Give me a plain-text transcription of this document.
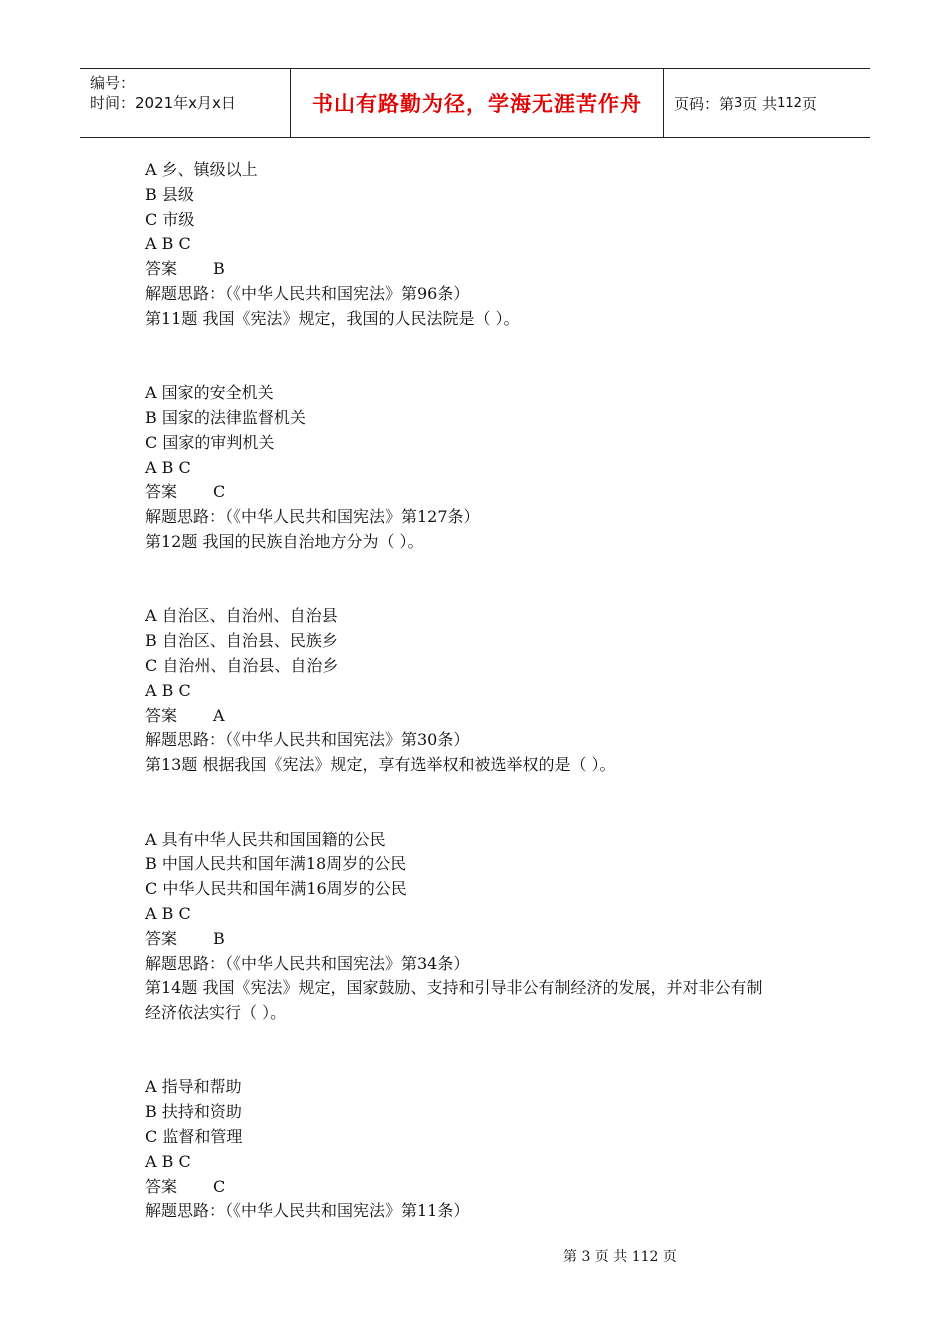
编号：
时间：2021年x月x日	书山有路勤为径，学海无涯苦作舟 页码：第 3 页 共 112 页
A 乡、镇级以上
B 县级
C 市级
A B C
答案 B
解题思路：（《中华人民共和国宪法》第96条）
第11题 我国《宪法》规定，我国的人民法院是（ ）。
A 国家的安全机关
B 国家的法律监督机关
C 国家的审判机关
A B C
答案 C
解题思路：（《中华人民共和国宪法》第127条）
第12题 我国的民族自治地方分为（ ）。
A 自治区、自治州、自治县
B 自治区、自治县、民族乡
C 自治州、自治县、自治乡
A B C
答案 A
解题思路：（《中华人民共和国宪法》第30条）
第13题 根据我国《宪法》规定，享有选举权和被选举权的是（ ）。
A 具有中华人民共和国国籍的公民
B 中国人民共和国年满18周岁的公民
C 中华人民共和国年满16周岁的公民
A B C
答案 B
解题思路：（《中华人民共和国宪法》第34条）
第14题 我国《宪法》规定，国家鼓励、支持和引导非公有制经济的发展，并对非公有制
经济依法实行（ ）。
A 指导和帮助
B 扶持和资助
C 监督和管理
A B C
答案 C
解题思路：（《中华人民共和国宪法》第11条）
第 3 页 共 112 页
